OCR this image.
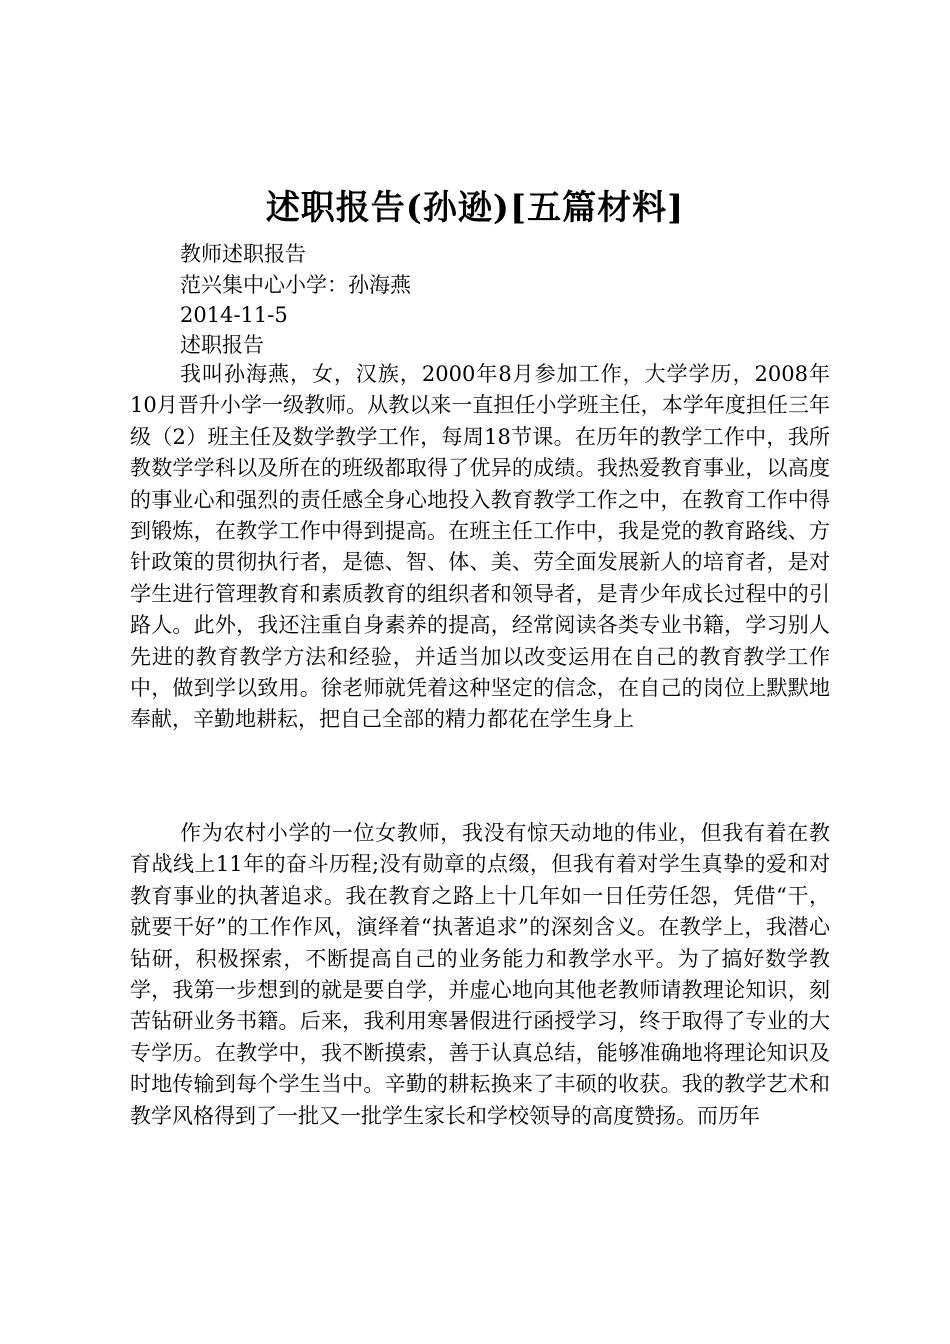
述职报告(孙逊)[五篇材料]
教师述职报告
范兴集中心小学：孙海燕
2014-11-5
述职报告
我叫孙海燕，女，汉族，2000年8月参加工作，大学学历，2008年10月晋升小学一级教师。从教以来一直担任小学班主任，本学年度担任三年级（2）班主任及数学教学工作，每周18节课。在历年的教学工作中，我所教数学学科以及所在的班级都取得了优异的成绩。我热爱教育事业，以高度的事业心和强烈的责任感全身心地投入教育教学工作之中，在教育工作中得到锻炼，在教学工作中得到提高。在班主任工作中，我是党的教育路线、方针政策的贯彻执行者，是德、智、体、美、劳全面发展新人的培育者，是对学生进行管理教育和素质教育的组织者和领导者，是青少年成长过程中的引路人。此外，我还注重自身素养的提高，经常阅读各类专业书籍，学习别人先进的教育教学方法和经验，并适当加以改变运用在自己的教育教学工作中，做到学以致用。徐老师就凭着这种坚定的信念，在自己的岗位上默默地奉献，辛勤地耕耘，把自己全部的精力都花在学生身上
作为农村小学的一位女教师，我没有惊天动地的伟业，但我有着在教育战线上11年的奋斗历程;没有勋章的点缀，但我有着对学生真挚的爱和对教育事业的执著追求。我在教育之路上十几年如一日任劳任怨，凭借“干，就要干好”的工作作风，演绎着“执著追求”的深刻含义。在教学上，我潜心钻研，积极探索，不断提高自己的业务能力和教学水平。为了搞好数学教学，我第一步想到的就是要自学，并虚心地向其他老教师请教理论知识，刻苦钻研业务书籍。后来，我利用寒暑假进行函授学习，终于取得了专业的大专学历。在教学中，我不断摸索，善于认真总结，能够准确地将理论知识及时地传输到每个学生当中。辛勤的耕耘换来了丰硕的收获。我的教学艺术和教学风格得到了一批又一批学生家长和学校领导的高度赞扬。而历年
